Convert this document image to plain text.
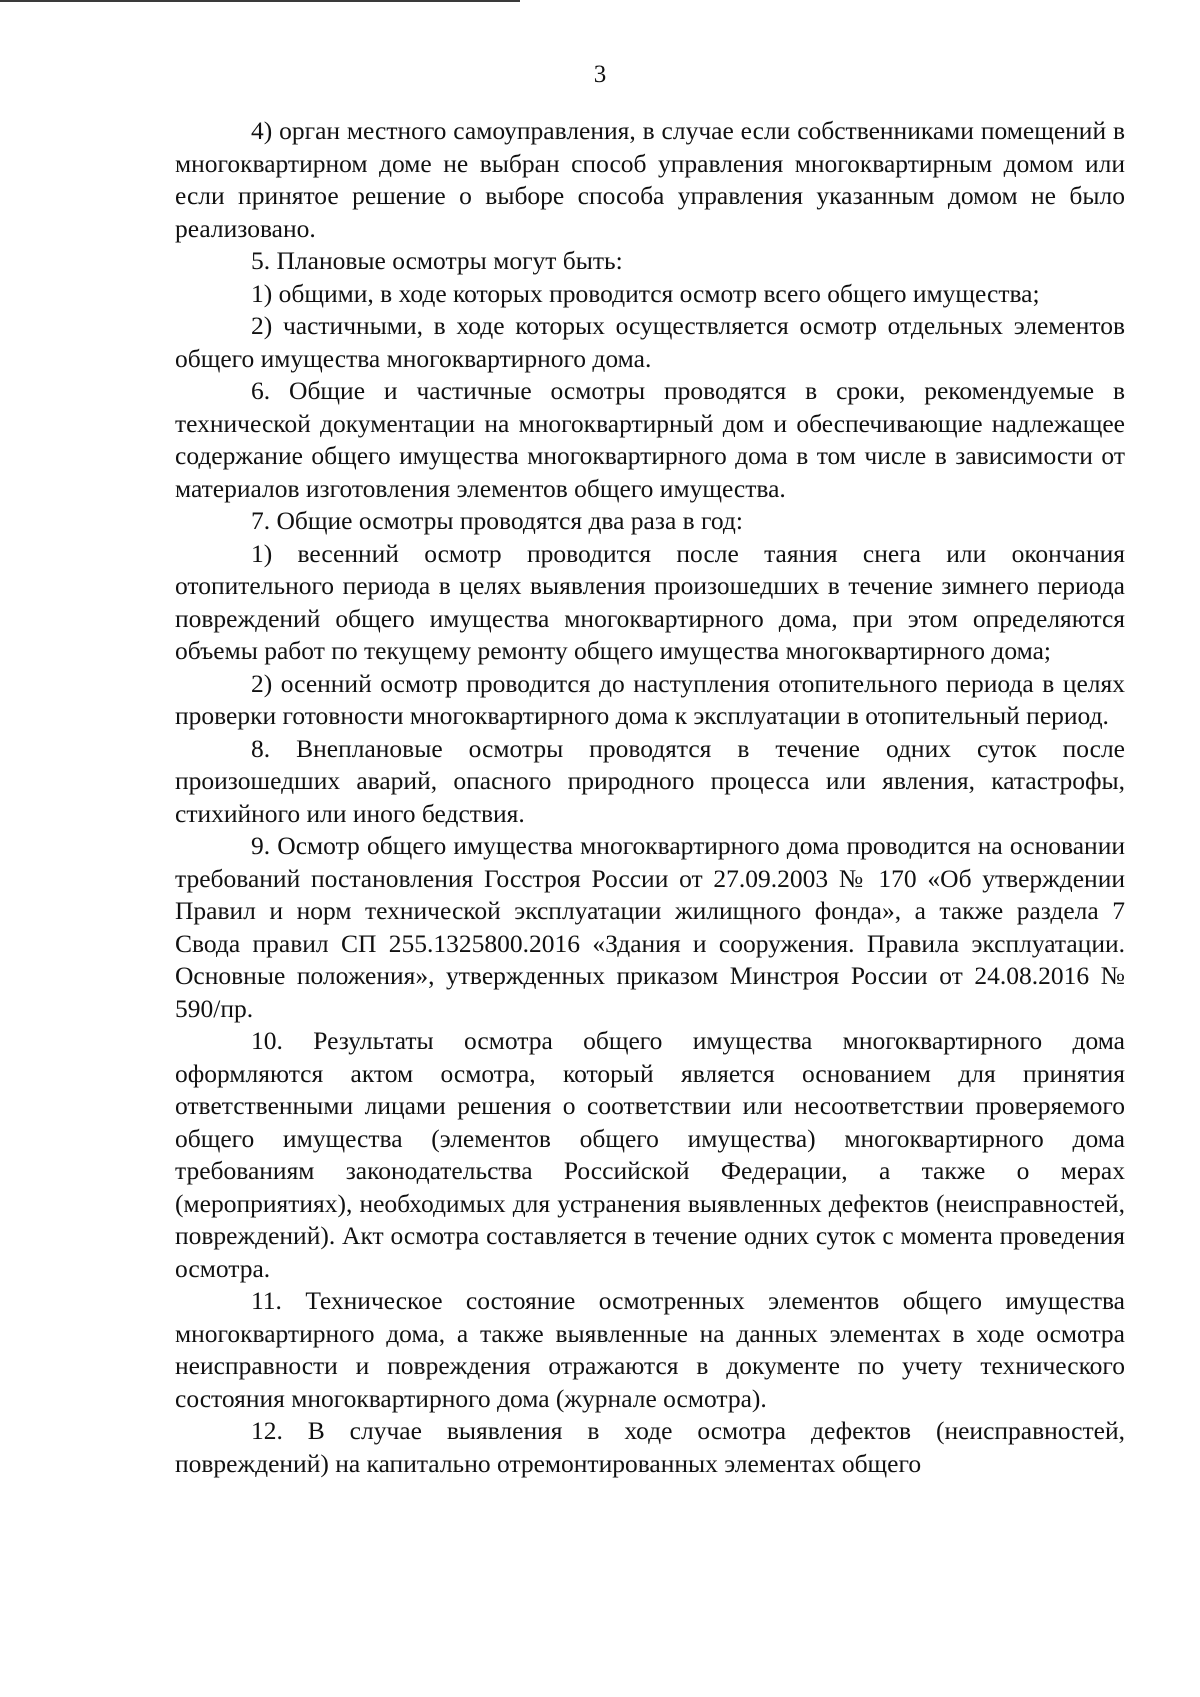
3

4) орган местного самоуправления, в случае если собственниками помещений в многоквартирном доме не выбран способ управления многоквартирным домом или если принятое решение о выборе способа управления указанным домом не было реализовано.

5. Плановые осмотры могут быть:

1) общими, в ходе которых проводится осмотр всего общего имущества;

2) частичными, в ходе которых осуществляется осмотр отдельных элементов общего имущества многоквартирного дома.

6. Общие и частичные осмотры проводятся в сроки, рекомендуемые в технической документации на многоквартирный дом и обеспечивающие надлежащее содержание общего имущества многоквартирного дома в том числе в зависимости от материалов изготовления элементов общего имущества.

7. Общие осмотры проводятся два раза в год:

1) весенний осмотр проводится после таяния снега или окончания отопительного периода в целях выявления произошедших в течение зимнего периода повреждений общего имущества многоквартирного дома, при этом определяются объемы работ по текущему ремонту общего имущества многоквартирного дома;

2) осенний осмотр проводится до наступления отопительного периода в целях проверки готовности многоквартирного дома к эксплуатации в отопительный период.

8. Внеплановые осмотры проводятся в течение одних суток после произошедших аварий, опасного природного процесса или явления, катастрофы, стихийного или иного бедствия.

9. Осмотр общего имущества многоквартирного дома проводится на основании требований постановления Госстроя России от 27.09.2003 № 170 «Об утверждении Правил и норм технической эксплуатации жилищного фонда», а также раздела 7 Свода правил СП 255.1325800.2016 «Здания и сооружения. Правила эксплуатации. Основные положения», утвержденных приказом Минстроя России от 24.08.2016 № 590/пр.

10. Результаты осмотра общего имущества многоквартирного дома оформляются актом осмотра, который является основанием для принятия ответственными лицами решения о соответствии или несоответствии проверяемого общего имущества (элементов общего имущества) многоквартирного дома требованиям законодательства Российской Федерации, а также о мерах (мероприятиях), необходимых для устранения выявленных дефектов (неисправностей, повреждений). Акт осмотра составляется в течение одних суток с момента проведения осмотра.

11. Техническое состояние осмотренных элементов общего имущества многоквартирного дома, а также выявленные на данных элементах в ходе осмотра неисправности и повреждения отражаются в документе по учету технического состояния многоквартирного дома (журнале осмотра).

12. В случае выявления в ходе осмотра дефектов (неисправностей, повреждений) на капитально отремонтированных элементах общего
